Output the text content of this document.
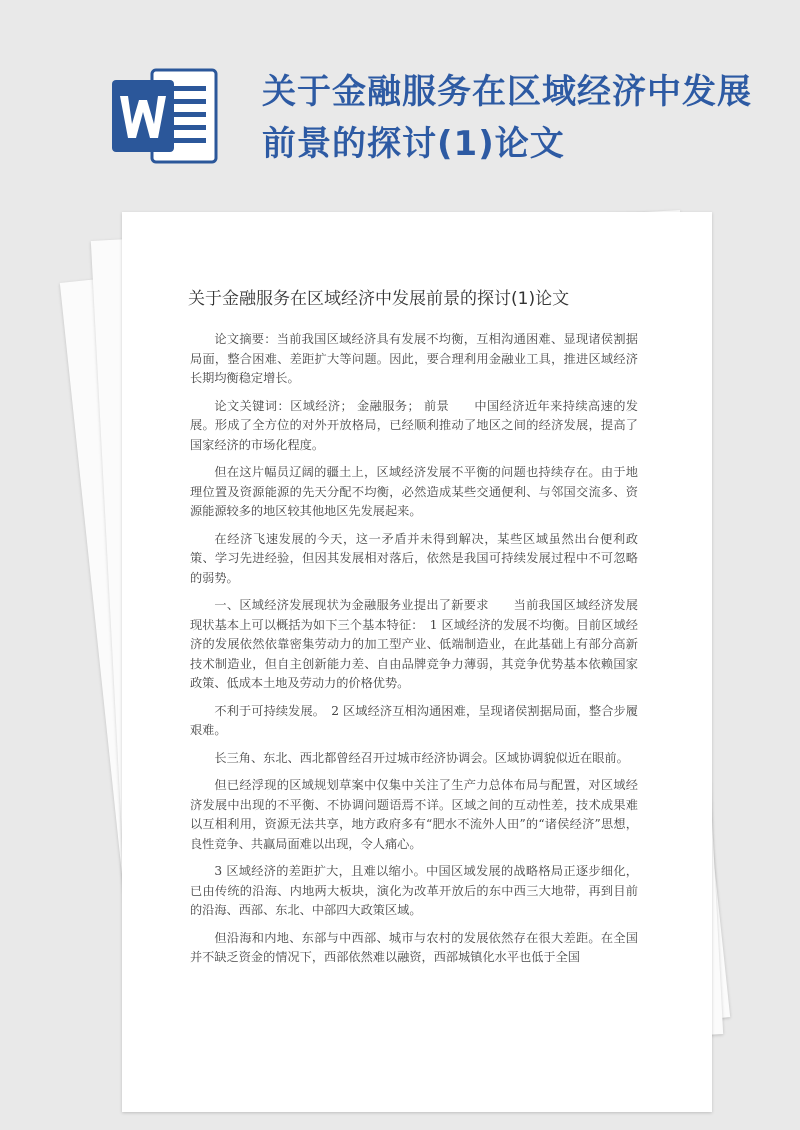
关于金融服务在区域经济中发展前景的探讨(1)论文
关于金融服务在区域经济中发展前景的探讨(1)论文

论文摘要：当前我国区域经济具有发展不均衡，互相沟通困难、显现诸侯割据局面，整合困难、差距扩大等问题。因此，要合理利用金融业工具，推进区域经济长期均衡稳定增长。

论文关键词：区域经济； 金融服务； 前景　　中国经济近年来持续高速的发展。形成了全方位的对外开放格局，已经顺利推动了地区之间的经济发展，提高了国家经济的市场化程度。

但在这片幅员辽阔的疆土上，区域经济发展不平衡的问题也持续存在。由于地理位置及资源能源的先天分配不均衡，必然造成某些交通便利、与邻国交流多、资源能源较多的地区较其他地区先发展起来。

在经济飞速发展的今天，这一矛盾并未得到解决，某些区域虽然出台便利政策、学习先进经验，但因其发展相对落后，依然是我国可持续发展过程中不可忽略的弱势。

一、区域经济发展现状为金融服务业提出了新要求　　当前我国区域经济发展现状基本上可以概括为如下三个基本特征：　1 区域经济的发展不均衡。目前区域经济的发展依然依靠密集劳动力的加工型产业、低端制造业，在此基础上有部分高新技术制造业，但自主创新能力差、自由品牌竞争力薄弱，其竞争优势基本依赖国家政策、低成本土地及劳动力的价格优势。

不利于可持续发展。　2 区域经济互相沟通困难，呈现诸侯割据局面，整合步履艰难。

长三角、东北、西北都曾经召开过城市经济协调会。区域协调貌似近在眼前。

但已经浮现的区域规划草案中仅集中关注了生产力总体布局与配置，对区域经济发展中出现的不平衡、不协调问题语焉不详。区域之间的互动性差，技术成果难以互相利用，资源无法共享，地方政府多有“肥水不流外人田”的“诸侯经济”思想，良性竞争、共赢局面难以出现，令人痛心。

3 区域经济的差距扩大，且难以缩小。中国区域发展的战略格局正逐步细化，已由传统的沿海、内地两大板块，演化为改革开放后的东中西三大地带，再到目前的沿海、西部、东北、中部四大政策区域。

但沿海和内地、东部与中西部、城市与农村的发展依然存在很大差距。在全国并不缺乏资金的情况下，西部依然难以融资，西部城镇化水平也低于全国
